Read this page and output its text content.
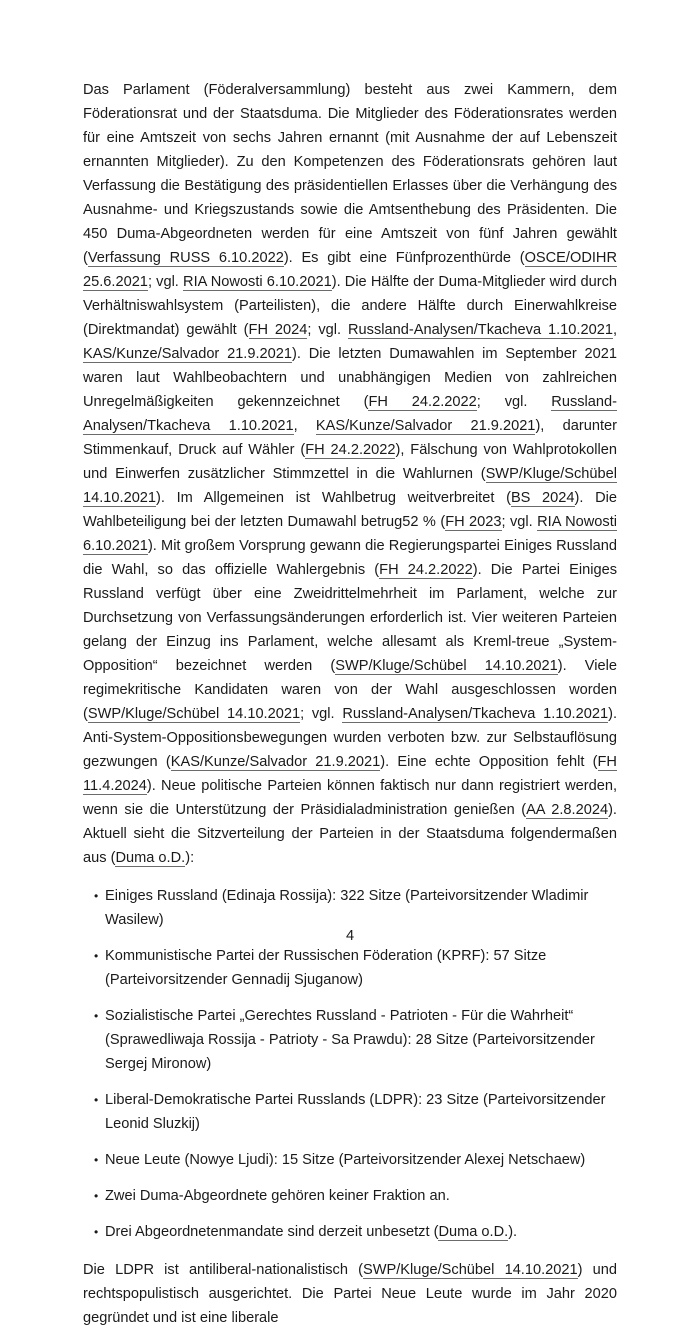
Das Parlament (Föderalversammlung) besteht aus zwei Kammern, dem Föderationsrat und der Staatsduma. Die Mitglieder des Föderationsrates werden für eine Amtszeit von sechs Jahren ernannt (mit Ausnahme der auf Lebenszeit ernannten Mitglieder). Zu den Kompetenzen des Föderationsrats gehören laut Verfassung die Bestätigung des präsidentiellen Erlasses über die Verhängung des Ausnahme- und Kriegszustands sowie die Amtsenthebung des Präsidenten. Die 450 Duma-Abgeordneten werden für eine Amtszeit von fünf Jahren gewählt (Verfassung RUSS 6.10.2022). Es gibt eine Fünfprozenthürde (OSCE/ODIHR 25.6.2021; vgl. RIA Nowosti 6.10.2021). Die Hälfte der Duma-Mitglieder wird durch Verhältniswahlsystem (Parteilisten), die andere Hälfte durch Einerwahlkreise (Direktmandat) gewählt (FH 2024; vgl. Russland-Analysen/​Tkacheva 1.10.2021, KAS/Kunze/Salvador 21.9.2021). Die letzten Dumawahlen im September 2021 waren laut Wahlbeobachtern und unabhängigen Medien von zahlreichen Unregelmäßigkeiten gekennzeichnet (FH 24.2.2022; vgl. Russland-Analysen/Tkacheva 1.10.2021, KAS/Kunze/​Salvador 21.9.2021), darunter Stimmenkauf, Druck auf Wähler (FH 24.2.2022), Fälschung von Wahlprotokollen und Einwerfen zusätzlicher Stimmzettel in die Wahlurnen (SWP/Kluge/Schübel 14.10.2021). Im Allgemeinen ist Wahlbetrug weitverbreitet (BS 2024). Die Wahlbeteiligung bei der letzten Dumawahl betrug52 % (FH 2023; vgl. RIA Nowosti 6.10.2021). Mit großem Vorsprung gewann die Regierungspartei Einiges Russland die Wahl, so das offizielle Wahlergebnis (FH 24.2.2022). Die Partei Einiges Russland verfügt über eine Zweidrittelmehrheit im Parlament, welche zur Durchsetzung von Verfassungsänderungen erforderlich ist. Vier weiteren Parteien gelang der Einzug ins Parlament, welche allesamt als Kreml-treue „System-Opposition“ bezeichnet werden (SWP/Kluge/Schübel 14.10.2021). Viele regimekritische Kandidaten waren von der Wahl ausgeschlossen worden (SWP/Kluge/Schübel 14.10.2021; vgl. Russland-Analysen/Tkacheva 1.10.2021). Anti-System-Oppositionsbewegungen wurden verboten bzw. zur Selbstauflösung gezwungen (KAS/Kunze/Salvador 21.9.2021). Eine echte Opposition fehlt (FH 11.4.2024). Neue politische Parteien können faktisch nur dann registriert werden, wenn sie die Unterstützung der Präsidialadministration genießen (AA 2.8.2024). Aktuell sieht die Sitzverteilung der Parteien in der Staatsduma folgendermaßen aus (Duma o.D.):

• Einiges Russland (Edinaja Rossija): 322 Sitze (Parteivorsitzender Wladimir Wasilew)
• Kommunistische Partei der Russischen Föderation (KPRF): 57 Sitze (Parteivorsitzender Gennadij Sjuganow)
• Sozialistische Partei „Gerechtes Russland - Patrioten - Für die Wahrheit“ (Sprawedliwaja Rossija - Patrioty - Sa Prawdu): 28 Sitze (Parteivorsitzender Sergej Mironow)
• Liberal-Demokratische Partei Russlands (LDPR): 23 Sitze (Parteivorsitzender Leonid Sluzkij)
• Neue Leute (Nowye Ljudi): 15 Sitze (Parteivorsitzender Alexej Netschaew)
• Zwei Duma-Abgeordnete gehören keiner Fraktion an.
• Drei Abgeordnetenmandate sind derzeit unbesetzt (Duma o.D.).

Die LDPR ist antiliberal-nationalistisch (SWP/Kluge/Schübel 14.10.2021) und rechtspopulistisch ausgerichtet. Die Partei Neue Leute wurde im Jahr 2020 gegründet und ist eine liberale

4
